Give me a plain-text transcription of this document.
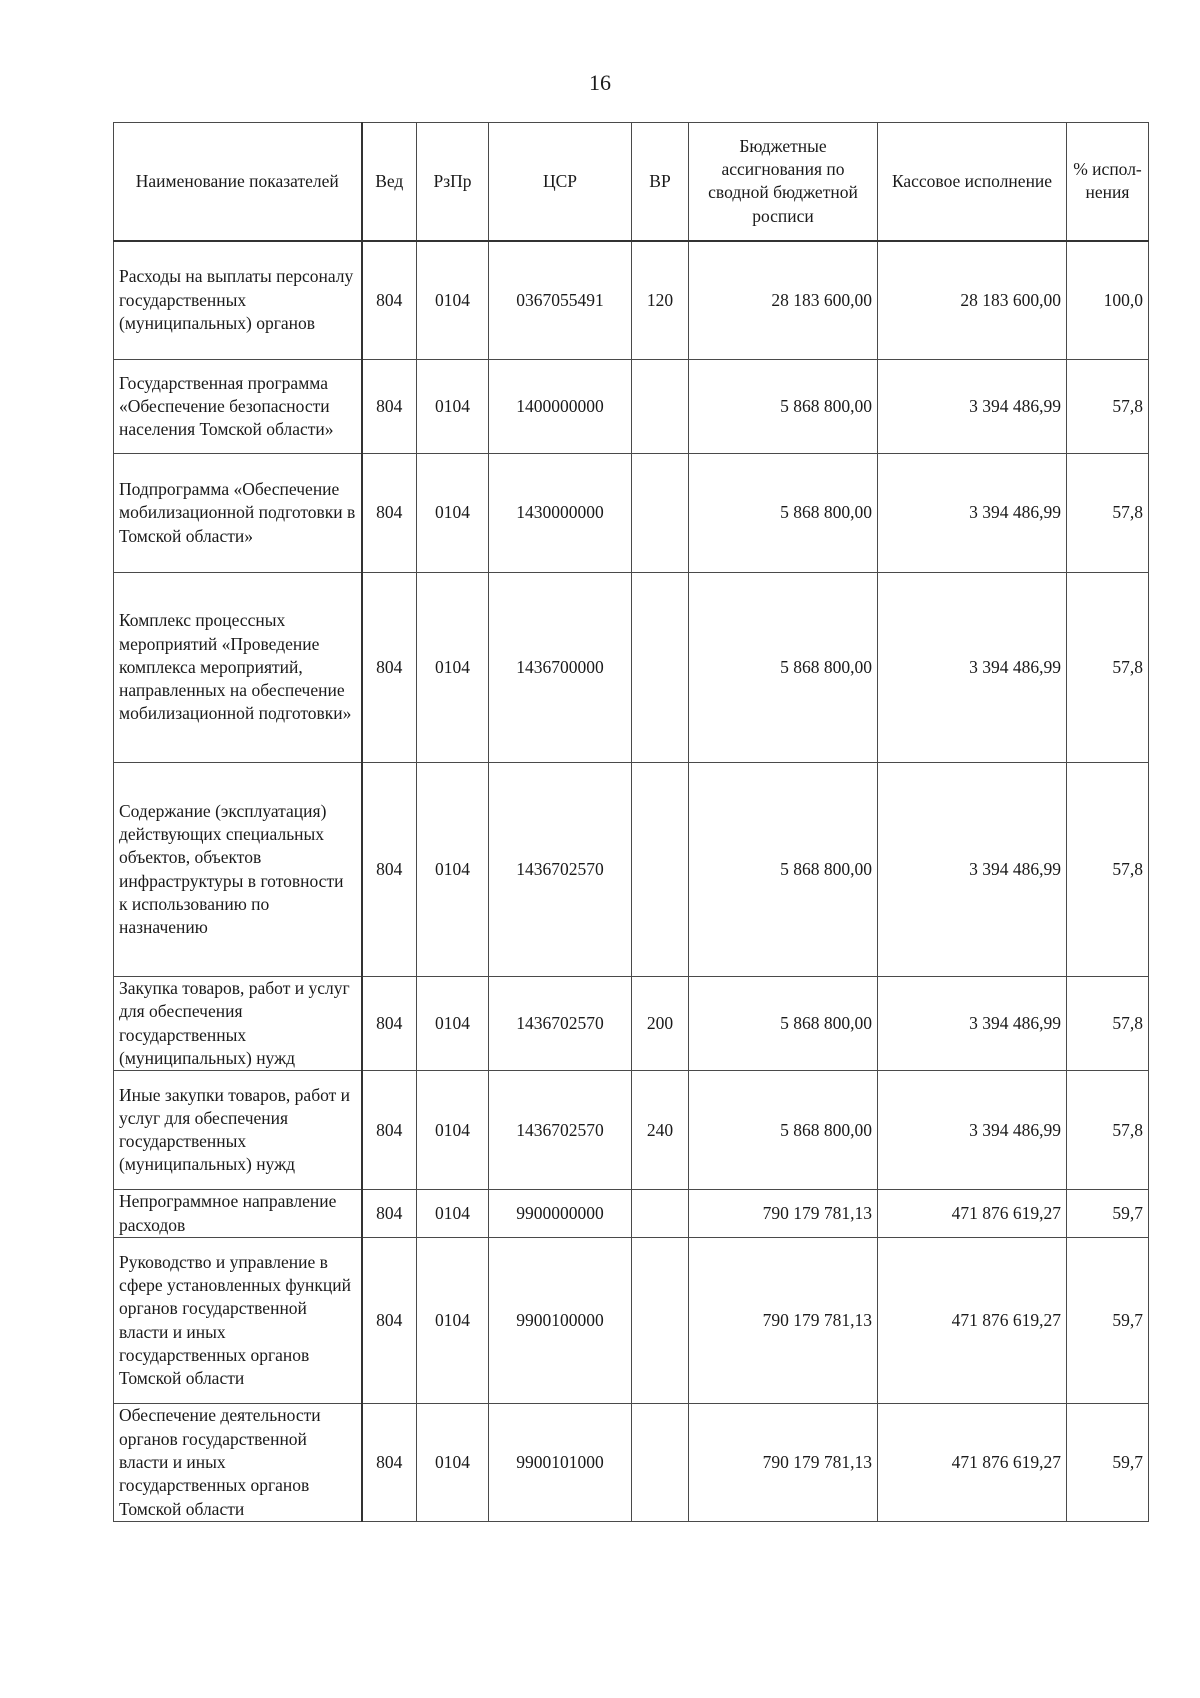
16
Наименование показателей	Вед	РзПр	ЦСР	ВР	Бюджетные ассигнования по сводной бюджетной росписи	Кассовое исполнение	% испол-нения
Расходы на выплаты персоналу государственных (муниципальных) органов	804	0104	0367055491	120	28 183 600,00	28 183 600,00	100,0
Государственная программа «Обеспечение безопасности населения Томской области»	804	0104	1400000000		5 868 800,00	3 394 486,99	57,8
Подпрограмма «Обеспечение мобилизационной подготовки в Томской области»	804	0104	1430000000		5 868 800,00	3 394 486,99	57,8
Комплекс процессных мероприятий «Проведение комплекса мероприятий, направленных на обеспечение мобилизационной подготовки»	804	0104	1436700000		5 868 800,00	3 394 486,99	57,8
Содержание (эксплуатация) действующих специальных объектов, объектов инфраструктуры в готовности к использованию по назначению	804	0104	1436702570		5 868 800,00	3 394 486,99	57,8
Закупка товаров, работ и услуг для обеспечения государственных (муниципальных) нужд	804	0104	1436702570	200	5 868 800,00	3 394 486,99	57,8
Иные закупки товаров, работ и услуг для обеспечения государственных (муниципальных) нужд	804	0104	1436702570	240	5 868 800,00	3 394 486,99	57,8
Непрограммное направление расходов	804	0104	9900000000		790 179 781,13	471 876 619,27	59,7
Руководство и управление в сфере установленных функций органов государственной власти и иных государственных органов Томской области	804	0104	9900100000		790 179 781,13	471 876 619,27	59,7
Обеспечение деятельности органов государственной власти и иных государственных органов Томской области	804	0104	9900101000		790 179 781,13	471 876 619,27	59,7
